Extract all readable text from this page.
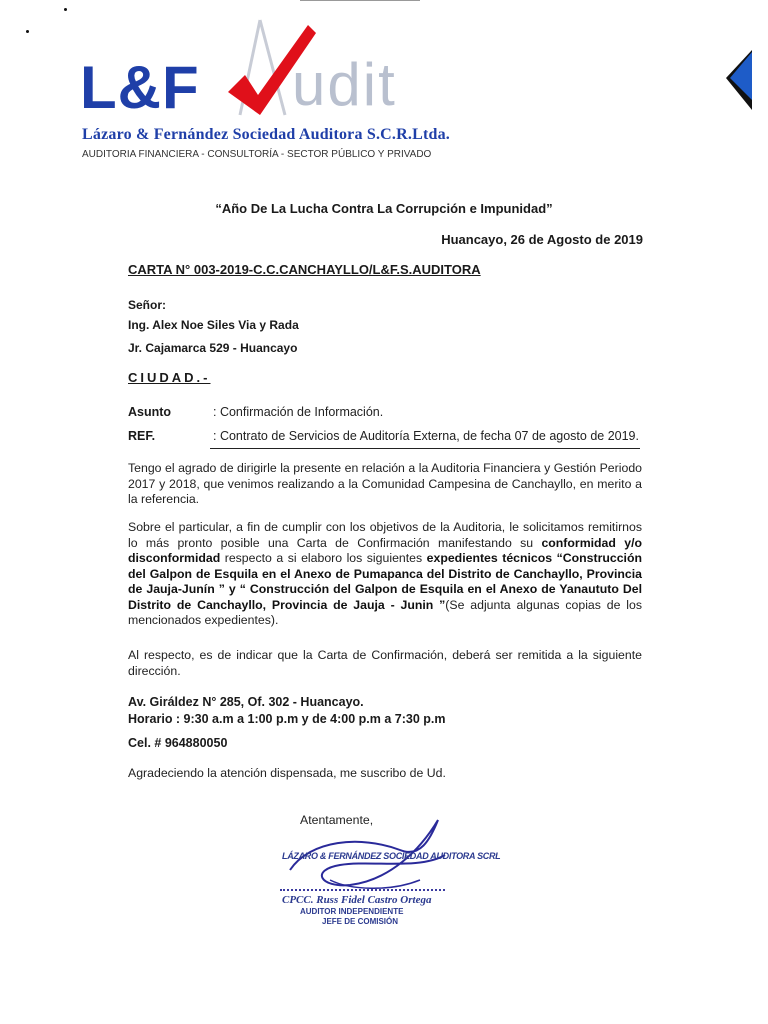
L&F udit
Lázaro & Fernández Sociedad Auditora S.C.R.Ltda.
AUDITORIA FINANCIERA - CONSULTORÍA - SECTOR PÚBLICO Y PRIVADO
“Año De La Lucha Contra La Corrupción e Impunidad”
Huancayo, 26 de Agosto de 2019
CARTA N° 003-2019-C.C.CANCHAYLLO/L&F.S.AUDITORA
Señor:
Ing. Alex Noe Siles Via y Rada
Jr. Cajamarca 529 - Huancayo
CIUDAD.-
Asunto	: Confirmación de Información.
REF.	: Contrato de Servicios de Auditoría Externa, de fecha 07 de agosto de 2019.
Tengo el agrado de dirigirle la presente en relación a la Auditoria Financiera y Gestión Periodo 2017 y 2018, que venimos realizando a la Comunidad Campesina de Canchayllo, en merito a la referencia.
Sobre el particular, a fin de cumplir con los objetivos de la Auditoria, le solicitamos remitirnos lo más pronto posible una Carta de Confirmación manifestando su conformidad y/o disconformidad respecto a si elaboro los siguientes expedientes técnicos “Construcción del Galpon de Esquila en el Anexo de Pumapanca del Distrito de Canchayllo, Provincia de Jauja-Junín ” y “ Construcción del Galpon de Esquila en el Anexo de Yanaututo Del Distrito de Canchayllo, Provincia de Jauja - Junin ”(Se adjunta algunas copias de los mencionados expedientes).
Al respecto, es de indicar que la Carta de Confirmación, deberá ser remitida a la siguiente dirección.
Av. Giráldez N° 285, Of. 302 - Huancayo.
Horario : 9:30 a.m a 1:00 p.m y de 4:00 p.m a 7:30 p.m
Cel. # 964880050
Agradeciendo la atención dispensada, me suscribo de Ud.
Atentamente,
LÁZARO & FERNÁNDEZ SOCIEDAD AUDITORA SCRL
CPCC. Russ Fidel Castro Ortega
AUDITOR INDEPENDIENTE
JEFE DE COMISIÓN
